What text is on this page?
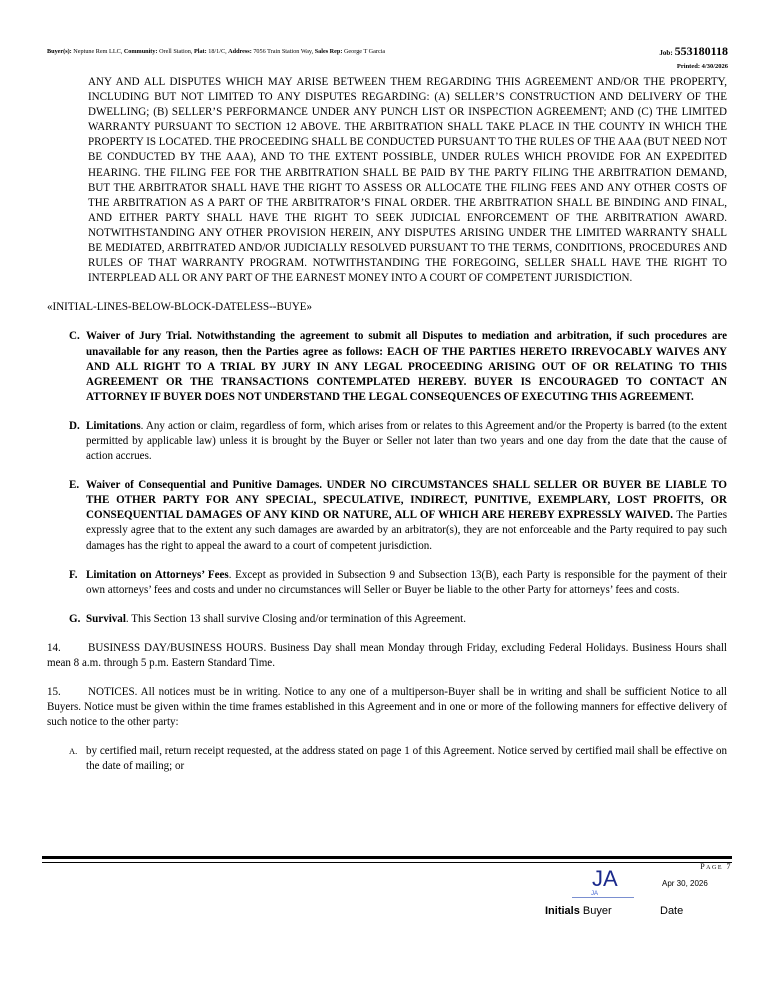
Buyer(s): Neptune Rem LLC, Community: Orell Station, Plat: 18/1/C, Address: 7056 Train Station Way, Sales Rep: George T Garcia	Job: 553180118
Printed: 4/30/2026

ANY AND ALL DISPUTES WHICH MAY ARISE BETWEEN THEM REGARDING THIS AGREEMENT AND/OR THE PROPERTY, INCLUDING BUT NOT LIMITED TO ANY DISPUTES REGARDING: (A) SELLER’S CONSTRUCTION AND DELIVERY OF THE DWELLING; (B) SELLER’S PERFORMANCE UNDER ANY PUNCH LIST OR INSPECTION AGREEMENT; AND (C) THE LIMITED WARRANTY PURSUANT TO SECTION 12 ABOVE. THE ARBITRATION SHALL TAKE PLACE IN THE COUNTY IN WHICH THE PROPERTY IS LOCATED. THE PROCEEDING SHALL BE CONDUCTED PURSUANT TO THE RULES OF THE AAA (BUT NEED NOT BE CONDUCTED BY THE AAA), AND TO THE EXTENT POSSIBLE, UNDER RULES WHICH PROVIDE FOR AN EXPEDITED HEARING. THE FILING FEE FOR THE ARBITRATION SHALL BE PAID BY THE PARTY FILING THE ARBITRATION DEMAND, BUT THE ARBITRATOR SHALL HAVE THE RIGHT TO ASSESS OR ALLOCATE THE FILING FEES AND ANY OTHER COSTS OF THE ARBITRATION AS A PART OF THE ARBITRATOR’S FINAL ORDER. THE ARBITRATION SHALL BE BINDING AND FINAL, AND EITHER PARTY SHALL HAVE THE RIGHT TO SEEK JUDICIAL ENFORCEMENT OF THE ARBITRATION AWARD. NOTWITHSTANDING ANY OTHER PROVISION HEREIN, ANY DISPUTES ARISING UNDER THE LIMITED WARRANTY SHALL BE MEDIATED, ARBITRATED AND/OR JUDICIALLY RESOLVED PURSUANT TO THE TERMS, CONDITIONS, PROCEDURES AND RULES OF THAT WARRANTY PROGRAM. NOTWITHSTANDING THE FOREGOING, SELLER SHALL HAVE THE RIGHT TO INTERPLEAD ALL OR ANY PART OF THE EARNEST MONEY INTO A COURT OF COMPETENT JURISDICTION.

«INITIAL-LINES-BELOW-BLOCK-DATELESS--BUYE»
C. Waiver of Jury Trial. Notwithstanding the agreement to submit all Disputes to mediation and arbitration, if such procedures are unavailable for any reason, then the Parties agree as follows: EACH OF THE PARTIES HERETO IRREVOCABLY WAIVES ANY AND ALL RIGHT TO A TRIAL BY JURY IN ANY LEGAL PROCEEDING ARISING OUT OF OR RELATING TO THIS AGREEMENT OR THE TRANSACTIONS CONTEMPLATED HEREBY. BUYER IS ENCOURAGED TO CONTACT AN ATTORNEY IF BUYER DOES NOT UNDERSTAND THE LEGAL CONSEQUENCES OF EXECUTING THIS AGREEMENT.
D. Limitations. Any action or claim, regardless of form, which arises from or relates to this Agreement and/or the Property is barred (to the extent permitted by applicable law) unless it is brought by the Buyer or Seller not later than two years and one day from the date that the cause of action accrues.
E. Waiver of Consequential and Punitive Damages. UNDER NO CIRCUMSTANCES SHALL SELLER OR BUYER BE LIABLE TO THE OTHER PARTY FOR ANY SPECIAL, SPECULATIVE, INDIRECT, PUNITIVE, EXEMPLARY, LOST PROFITS, OR CONSEQUENTIAL DAMAGES OF ANY KIND OR NATURE, ALL OF WHICH ARE HEREBY EXPRESSLY WAIVED. The Parties expressly agree that to the extent any such damages are awarded by an arbitrator(s), they are not enforceable and the Party required to pay such damages has the right to appeal the award to a court of competent jurisdiction.
F. Limitation on Attorneys’ Fees. Except as provided in Subsection 9 and Subsection 13(B), each Party is responsible for the payment of their own attorneys’ fees and costs and under no circumstances will Seller or Buyer be liable to the other Party for attorneys’ fees and costs.
G. Survival. This Section 13 shall survive Closing and/or termination of this Agreement.
14. BUSINESS DAY/BUSINESS HOURS. Business Day shall mean Monday through Friday, excluding Federal Holidays. Business Hours shall mean 8 a.m. through 5 p.m. Eastern Standard Time.
15. NOTICES. All notices must be in writing. Notice to any one of a multiperson-Buyer shall be in writing and shall be sufficient Notice to all Buyers. Notice must be given within the time frames established in this Agreement and in one or more of the following manners for effective delivery of such notice to the other party:
A. by certified mail, return receipt requested, at the address stated on page 1 of this Agreement. Notice served by certified mail shall be effective on the date of mailing; or
Page 7
JA
JA
Apr 30, 2026
Initials Buyer	Date
